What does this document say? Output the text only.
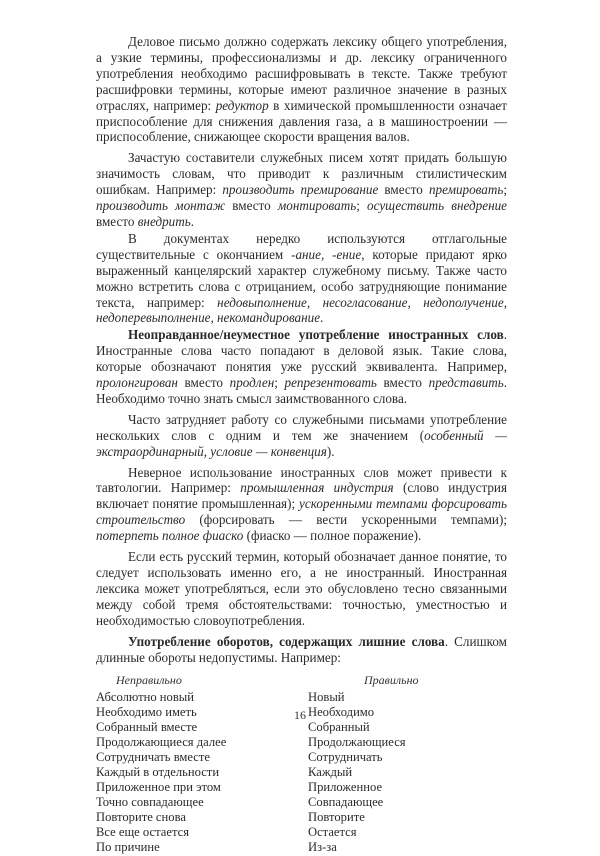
Деловое письмо должно содержать лексику общего употребления, а узкие термины, профессионализмы и др. лексику ограниченного употребления необходимо расшифровывать в тексте. Также требуют расшифровки термины, которые имеют различное значение в разных отраслях, например: редуктор в химической промышленности означает приспособление для снижения давления газа, а в машиностроении — приспособление, снижающее скорости вращения валов.

Зачастую составители служебных писем хотят придать большую значимость словам, что приводит к различным стилистическим ошибкам. Например: производить премирование вместо премировать; производить монтаж вместо монтировать; осуществить внедрение вместо внедрить.

В документах нередко используются отглагольные существительные с окончанием -ание, -ение, которые придают ярко выраженный канцелярский характер служебному письму. Также часто можно встретить слова с отрицанием, особо затрудняющие понимание текста, например: недовыполнение, несогласование, недополучение, недоперевыполнение, некомандирование.

Неоправданное/неуместное употребление иностранных слов. Иностранные слова часто попадают в деловой язык. Такие слова, которые обозначают понятия уже русский эквивалента. Например, пролонгирован вместо продлен; репрезентовать вместо представить. Необходимо точно знать смысл заимствованного слова.

Часто затрудняет работу со служебными письмами употребление нескольких слов с одним и тем же значением (особенный — экстраординарный, условие — конвенция).

Неверное использование иностранных слов может привести к тавтологии. Например: промышленная индустрия (слово индустрия включает понятие промышленная); ускоренными темпами форсировать строительство (форсировать — вести ускоренными темпами); потерпеть полное фиаско (фиаско — полное поражение).

Если есть русский термин, который обозначает данное понятие, то следует использовать именно его, а не иностранный. Иностранная лексика может употребляться, если это обусловлено тесно связанными между собой тремя обстоятельствами: точностью, уместностью и необходимостью словоупотребления.

Употребление оборотов, содержащих лишние слова. Слишком длинные обороты недопустимы. Например:

Неправильно
Абсолютно новый
Необходимо иметь
Собранный вместе
Продолжающиеся далее
Сотрудничать вместе
Каждый в отдельности
Приложенное при этом
Точно совпадающее
Повторите снова
Все еще остается
По причине
Правильно
Новый
Необходимо
Собранный
Продолжающиеся
Сотрудничать
Каждый
Приложенное
Совпадающее
Повторите
Остается
Из-за
16
